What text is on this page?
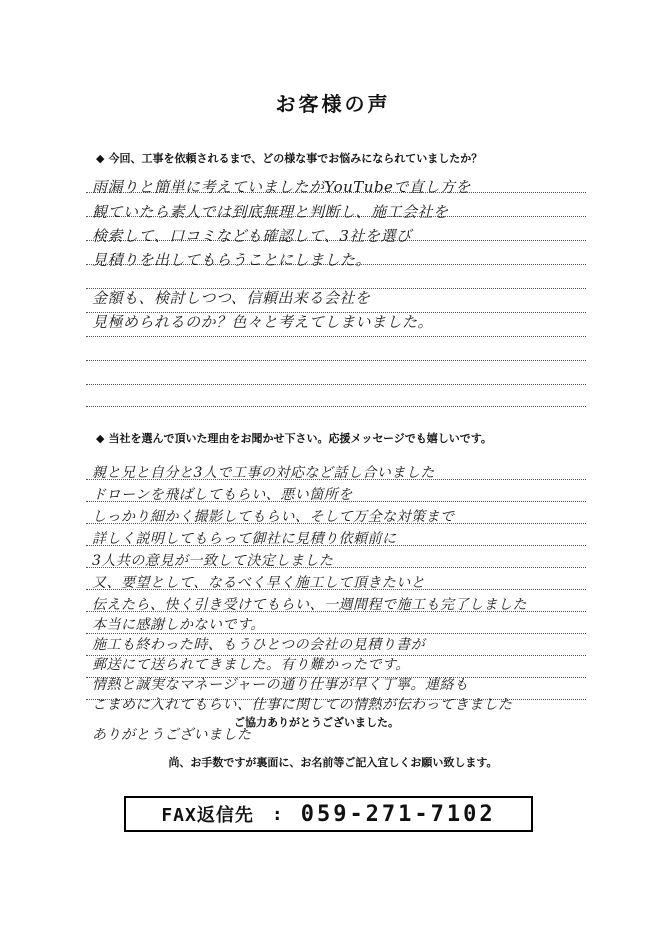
お客様の声
◆ 今回、工事を依頼されるまで、どの様な事でお悩みになられていましたか？
雨漏りと簡単に考えていましたがYouTubeで直し方を
観ていたら素人では到底無理と判断し、施工会社を
検索して、口コミなども確認して、3社を選び
見積りを出してもらうことにしました。
金額も、検討しつつ、信頼出来る会社を
見極められるのか？色々と考えてしまいました。
◆ 当社を選んで頂いた理由をお聞かせ下さい。応援メッセージでも嬉しいです。
親と兄と自分と3人で工事の対応など話し合いました
ドローンを飛ばしてもらい、悪い箇所を
しっかり細かく撮影してもらい、そして万全な対策まで
詳しく説明してもらって御社に見積り依頼前に
3人共の意見が一致して決定しました
又、要望として、なるべく早く施工して頂きたいと
伝えたら、快く引き受けてもらい、一週間程で施工も完了しました
本当に感謝しかないです。
施工も終わった時、もうひとつの会社の見積り書が
郵送にて送られてきました。有り難かったです。
情熱と誠実なマネージャーの通り仕事が早く丁寧。連絡も
こまめに入れてもらい、仕事に関しての情熱が伝わってきました
ありがとうございました
ご協力ありがとうございました。
尚、お手数ですが裏面に、お名前等ご記入宜しくお願い致します。
FAX返信先 : 059-271-7102
